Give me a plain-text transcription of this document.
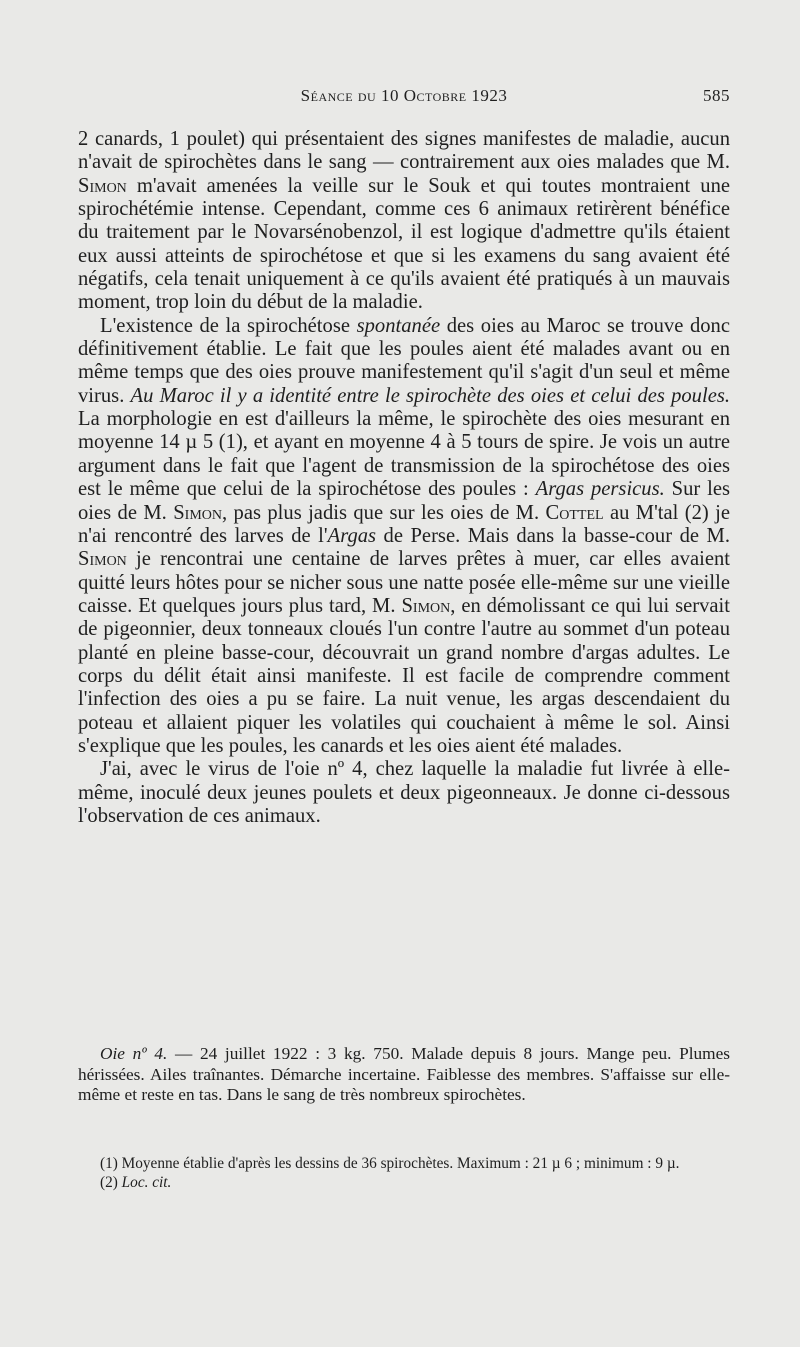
Séance du 10 Octobre 1923	585

2 canards, 1 poulet) qui présentaient des signes manifestes de maladie, aucun n'avait de spirochètes dans le sang — contrairement aux oies malades que M. Simon m'avait amenées la veille sur le Souk et qui toutes montraient une spirochétémie intense. Cependant, comme ces 6 animaux retirèrent bénéfice du traitement par le Novarsénobenzol, il est logique d'admettre qu'ils étaient eux aussi atteints de spirochétose et que si les examens du sang avaient été négatifs, cela tenait uniquement à ce qu'ils avaient été pratiqués à un mauvais moment, trop loin du début de la maladie.

L'existence de la spirochétose spontanée des oies au Maroc se trouve donc définitivement établie. Le fait que les poules aient été malades avant ou en même temps que des oies prouve manifestement qu'il s'agit d'un seul et même virus. Au Maroc il y a identité entre le spirochète des oies et celui des poules. La morphologie en est d'ailleurs la même, le spirochète des oies mesurant en moyenne 14 µ 5 (1), et ayant en moyenne 4 à 5 tours de spire. Je vois un autre argument dans le fait que l'agent de transmission de la spirochétose des oies est le même que celui de la spirochétose des poules : Argas persicus. Sur les oies de M. Simon, pas plus jadis que sur les oies de M. Cottel au M'tal (2) je n'ai rencontré des larves de l'Argas de Perse. Mais dans la basse-cour de M. Simon je rencontrai une centaine de larves prêtes à muer, car elles avaient quitté leurs hôtes pour se nicher sous une natte posée elle-même sur une vieille caisse. Et quelques jours plus tard, M. Simon, en démolissant ce qui lui servait de pigeonnier, deux tonneaux cloués l'un contre l'autre au sommet d'un poteau planté en pleine basse-cour, découvrait un grand nombre d'argas adultes. Le corps du délit était ainsi manifeste. Il est facile de comprendre comment l'infection des oies a pu se faire. La nuit venue, les argas descendaient du poteau et allaient piquer les volatiles qui couchaient à même le sol. Ainsi s'explique que les poules, les canards et les oies aient été malades.

J'ai, avec le virus de l'oie nº 4, chez laquelle la maladie fut livrée à elle-même, inoculé deux jeunes poulets et deux pigeonneaux. Je donne ci-dessous l'observation de ces animaux.

Oie nº 4. — 24 juillet 1922 : 3 kg. 750. Malade depuis 8 jours. Mange peu. Plumes hérissées. Ailes traînantes. Démarche incertaine. Faiblesse des membres. S'affaisse sur elle-même et reste en tas. Dans le sang de très nombreux spirochètes.

(1) Moyenne établie d'après les dessins de 36 spirochètes. Maximum : 21 µ 6 ; minimum : 9 µ.

(2) Loc. cit.
